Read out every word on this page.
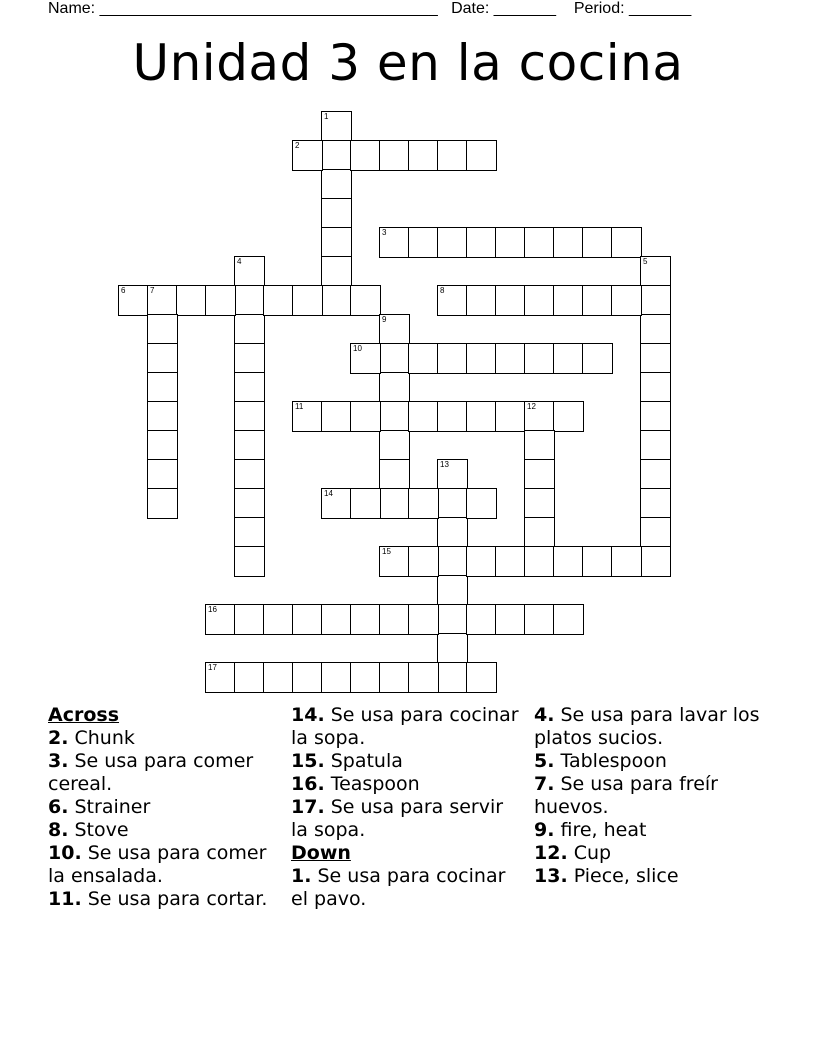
Name: ______________________________________ Date: _______ Period: _______
Unidad 3 en la cocina
1
2
3
4	5
6	7	8
9
10
11	12
13
14
15
16
17
Across
2. Chunk
3. Se usa para comer cereal.
6. Strainer
8. Stove
10. Se usa para comer la ensalada.
11. Se usa para cortar.
14. Se usa para cocinar la sopa.
15. Spatula
16. Teaspoon
17. Se usa para servir la sopa.
Down
1. Se usa para cocinar el pavo.
4. Se usa para lavar los platos sucios.
5. Tablespoon
7. Se usa para freír huevos.
9. fire, heat
12. Cup
13. Piece, slice
